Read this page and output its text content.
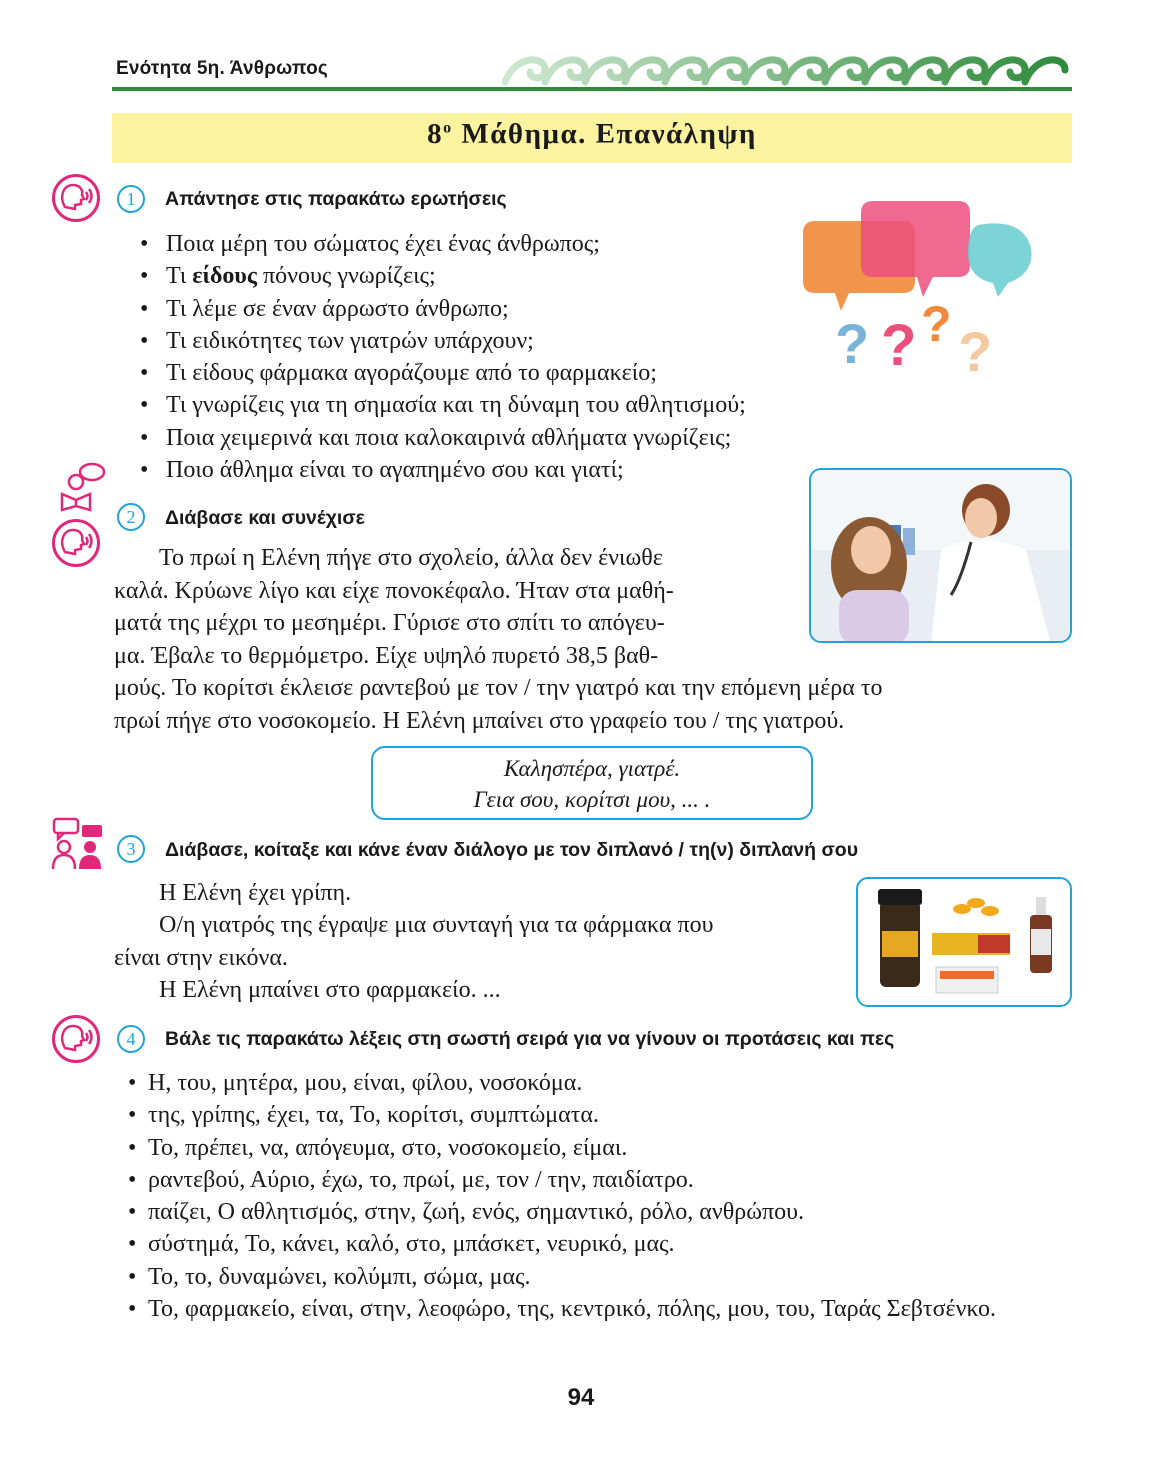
Ενότητα 5η. Άνθρωπος
$8^o$ Μάθημα. Επανάληψη
1	Απάντησε στις παρακάτω ερωτήσεις
? ? ? ?
• Ποια μέρη του σώματος έχει ένας άνθρωπος;
• Τι είδους πόνους γνωρίζεις;
• Τι λέμε σε έναν άρρωστο άνθρωπο;
• Τι ειδικότητες των γιατρών υπάρχουν;
• Τι είδους φάρμακα αγοράζουμε από το φαρμακείο;
• Τι γνωρίζεις για τη σημασία και τη δύναμη του αθλητισμού;
• Ποια χειμερινά και ποια καλοκαιρινά αθλήματα γνωρίζεις;
• Ποιο άθλημα είναι το αγαπημένο σου και γιατί;
2	Διάβασε και συνέχισε
Το πρωί η Ελένη πήγε στο σχολείο, άλλα δεν ένιωθε
καλά. Κρύωνε λίγο και είχε πονοκέφαλο. Ήταν στα μαθή-
ματά της μέχρι το μεσημέρι. Γύρισε στο σπίτι το απόγευ-
μα. Έβαλε το θερμόμετρο. Είχε υψηλό πυρετό 38,5 βαθ-
μούς. Το κορίτσι έκλεισε ραντεβού με τον / την γιατρό και την επόμενη μέρα το
πρωί πήγε στο νοσοκομείο. Η Ελένη μπαίνει στο γραφείο του / της γιατρού.
Καλησπέρα, γιατρέ.
Γεια σου, κορίτσι μου, ... .
3	Διάβασε, κοίταξε και κάνε έναν διάλογο με τον διπλανό / τη(ν) διπλανή σου
Η Ελένη έχει γρίπη.
Ο/η γιατρός της έγραψε μια συνταγή για τα φάρμακα που
είναι στην εικόνα.
Η Ελένη μπαίνει στο φαρμακείο. ...
4	Βάλε τις παρακάτω λέξεις στη σωστή σειρά για να γίνουν οι προτάσεις και πες
• Η, του, μητέρα, μου, είναι, φίλου, νοσοκόμα.
• της, γρίπης, έχει, τα, Το, κορίτσι, συμπτώματα.
• Το, πρέπει, να, απόγευμα, στο, νοσοκομείο, είμαι.
• ραντεβού, Αύριο, έχω, το, πρωί, με, τον / την, παιδίατρο.
• παίζει, Ο αθλητισμός, στην, ζωή, ενός, σημαντικό, ρόλο, ανθρώπου.
• σύστημά, Το, κάνει, καλό, στο, μπάσκετ, νευρικό, μας.
• Το, το, δυναμώνει, κολύμπι, σώμα, μας.
• Το, φαρμακείο, είναι, στην, λεοφώρο, της, κεντρικό, πόλης, μου, του, Ταράς Σεβτσένκο.
94
